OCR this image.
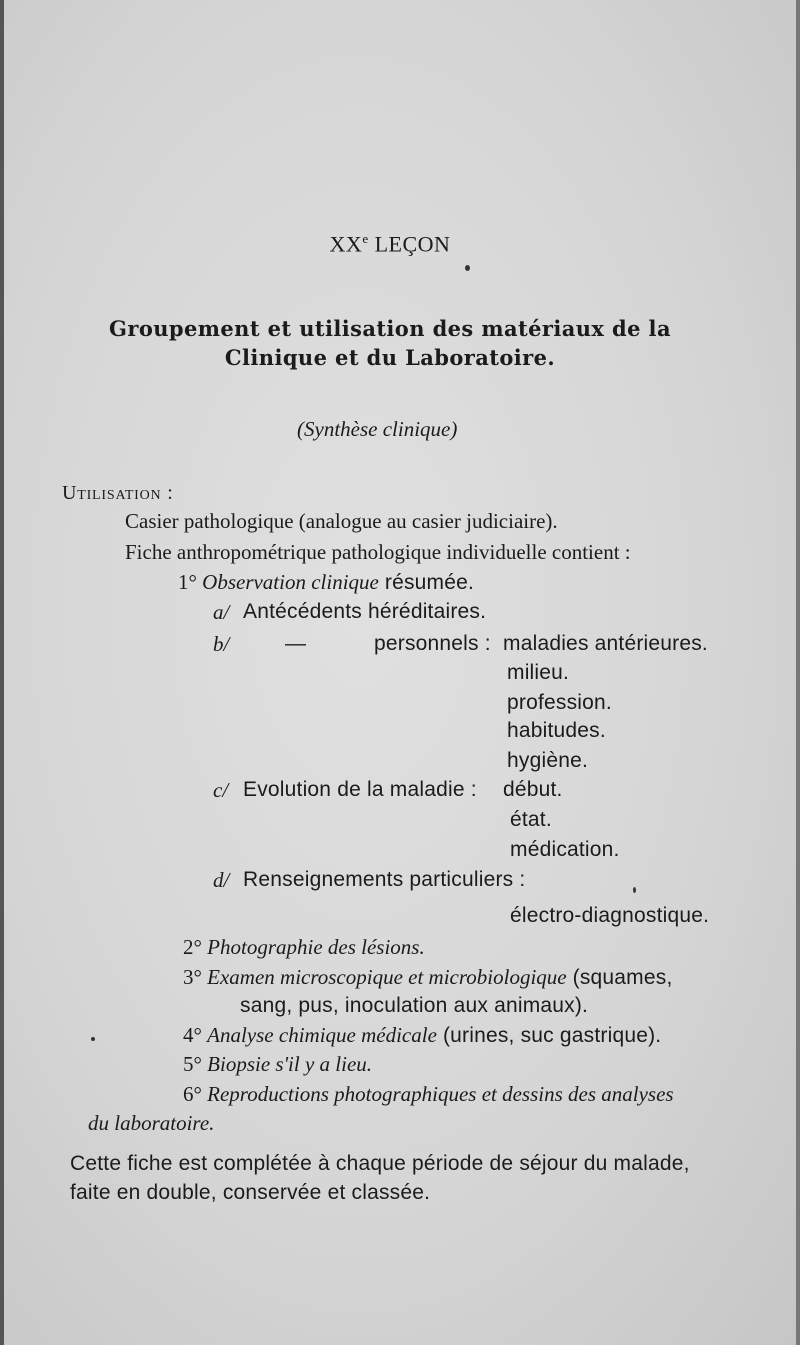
XXe LEÇON
Groupement et utilisation des matériaux de la
Clinique et du Laboratoire.
(Synthèse clinique)
Utilisation :
Casier pathologique (analogue au casier judiciaire).
Fiche anthropométrique pathologique individuelle contient :
1° Observation clinique résumée.
a/ Antécédents héréditaires.
b/	—	personnels : maladies antérieures.
milieu.
profession.
habitudes.
hygiène.
c/ Evolution de la maladie : début.
état.
médication.
d/ Renseignements particuliers :
électro-diagnostique.
2° Photographie des lésions.
3° Examen microscopique et microbiologique (squames,
sang, pus, inoculation aux animaux).
4° Analyse chimique médicale (urines, suc gastrique).
5° Biopsie s'il y a lieu.
6° Reproductions photographiques et dessins des analyses
du laboratoire.
Cette fiche est complétée à chaque période de séjour du malade,
faite en double, conservée et classée.
